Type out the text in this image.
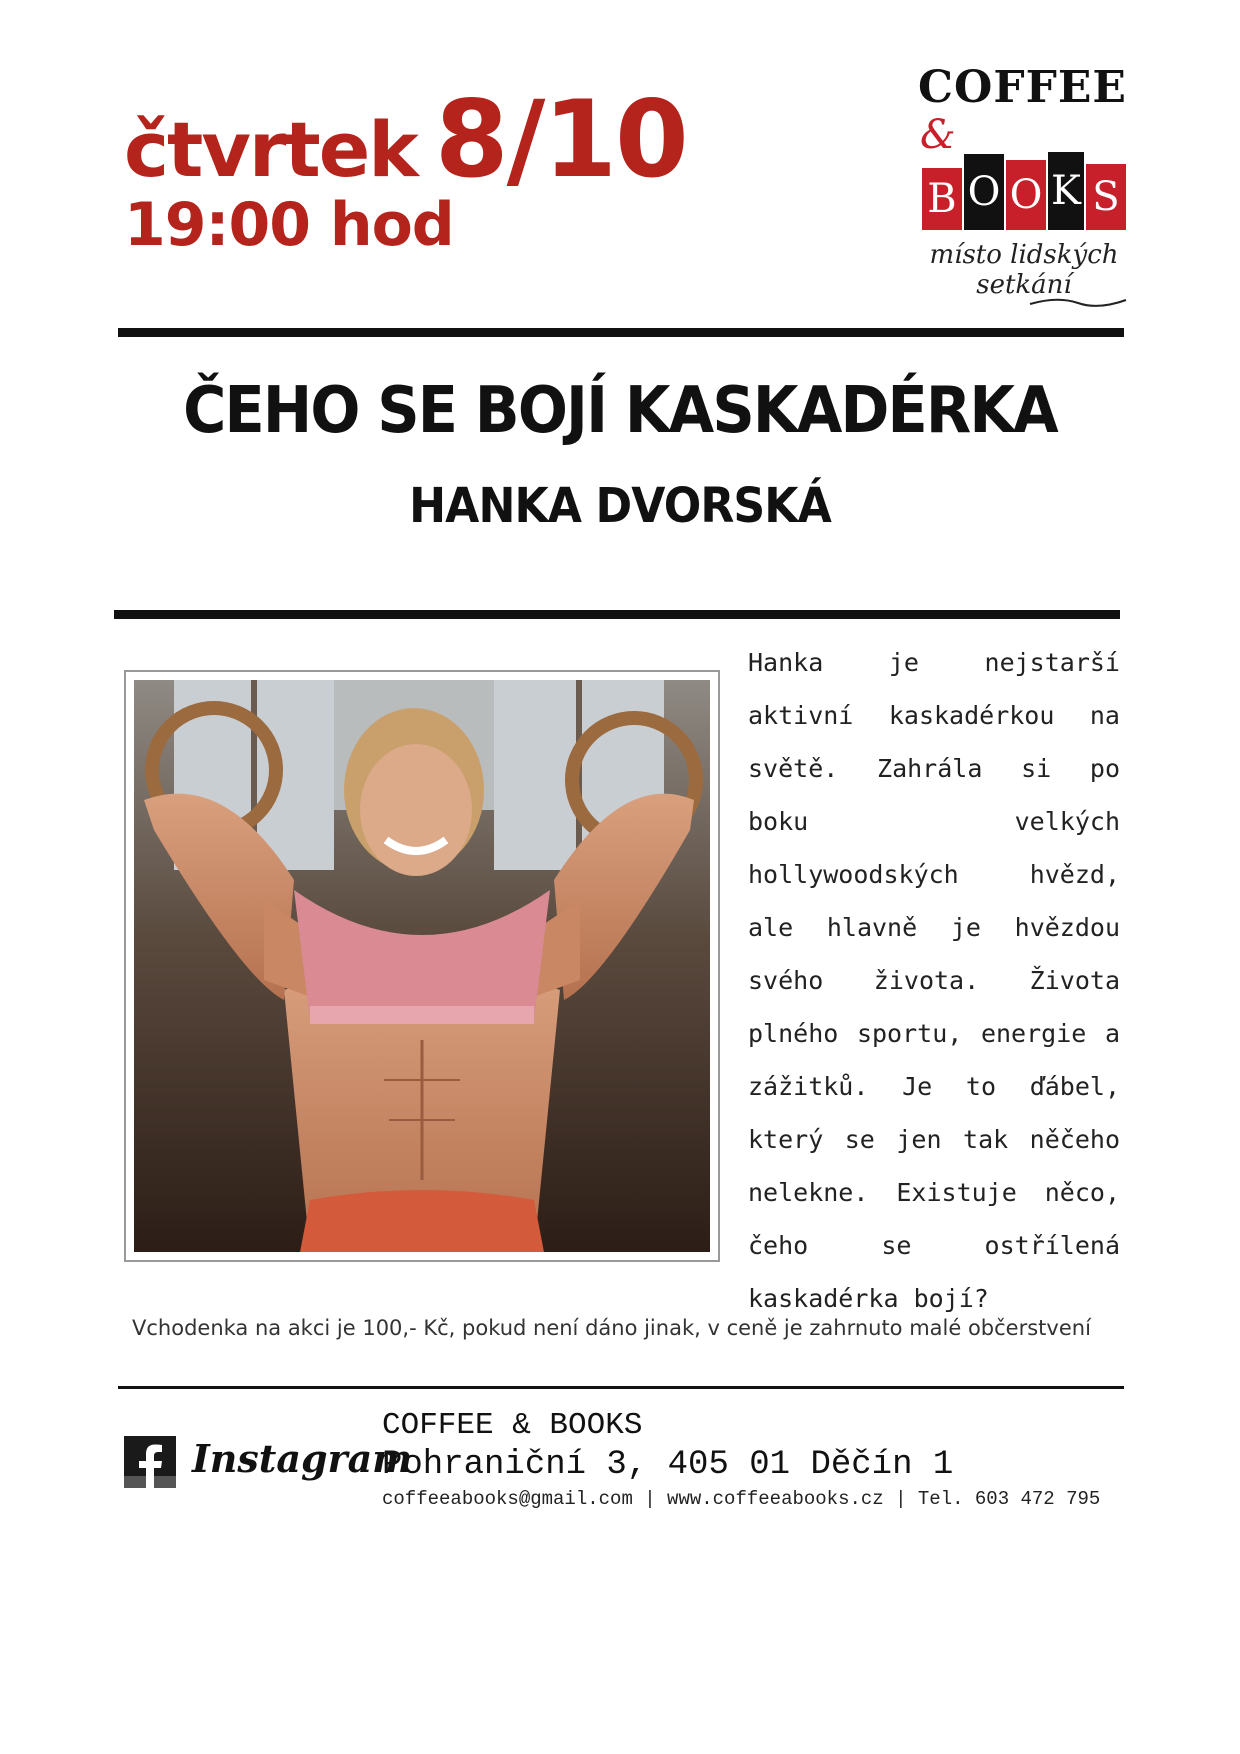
čtvrtek 8/10
19:00 hod
COFFEE
&
B O O K S
místo lidských setkání
ČEHO SE BOJÍ KASKADÉRKA
HANKA DVORSKÁ
Hanka je nejstarší aktivní kaskadérkou na světě. Zahrála si po boku velkých hollywoodských hvězd, ale hlavně je hvězdou svého života. Života plného sportu, energie a zážitků. Je to ďábel, který se jen tak něčeho nelekne. Existuje něco, čeho se ostřílená kaskadérka bojí?
Vchodenka na akci je 100,- Kč, pokud není dáno jinak, v ceně je zahrnuto malé občerstvení
Instagram
COFFEE & BOOKS
Pohraniční 3, 405 01 Děčín 1
coffeeabooks@gmail.com | www.coffeeabooks.cz | Tel. 603 472 795
